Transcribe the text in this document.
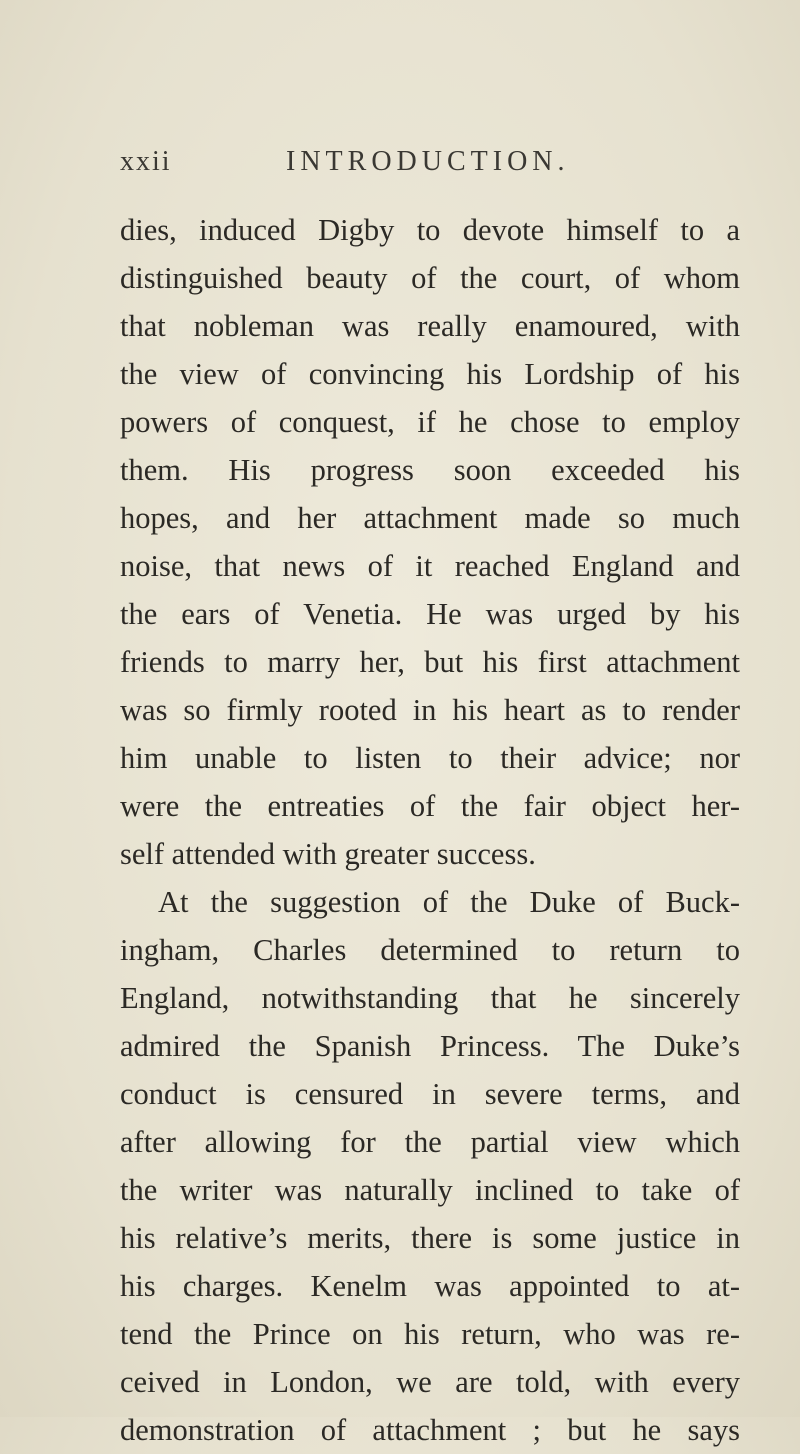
xxii	INTRODUCTION.
dies, induced Digby to devote himself to a
distinguished beauty of the court, of whom
that nobleman was really enamoured, with
the view of convincing his Lordship of his
powers of conquest, if he chose to employ
them. His progress soon exceeded his
hopes, and her attachment made so much
noise, that news of it reached England and
the ears of Venetia. He was urged by his
friends to marry her, but his first attachment
was so firmly rooted in his heart as to render
him unable to listen to their advice; nor
were the entreaties of the fair object her-
self attended with greater success.
At the suggestion of the Duke of Buck-
ingham, Charles determined to return to
England, notwithstanding that he sincerely
admired the Spanish Princess. The Duke’s
conduct is censured in severe terms, and
after allowing for the partial view which
the writer was naturally inclined to take of
his relative’s merits, there is some justice in
his charges. Kenelm was appointed to at-
tend the Prince on his return, who was re-
ceived in London, we are told, with every
demonstration of attachment ; but he says
